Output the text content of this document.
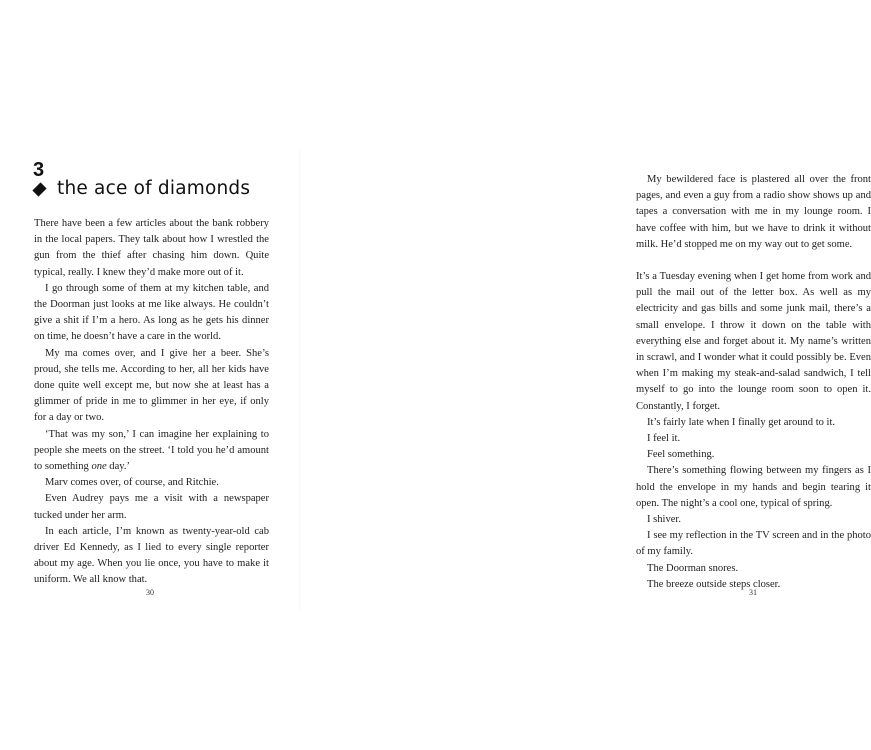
3
the ace of diamonds

There have been a few articles about the bank robbery in the local papers. They talk about how I wrestled the gun from the thief after chasing him down. Quite typical, really. I knew they’d make more out of it.

I go through some of them at my kitchen table, and the Doorman just looks at me like always. He couldn’t give a shit if I’m a hero. As long as he gets his dinner on time, he doesn’t have a care in the world.

My ma comes over, and I give her a beer. She’s proud, she tells me. According to her, all her kids have done quite well except me, but now she at least has a glimmer of pride in me to glimmer in her eye, if only for a day or two.

‘That was my son,’ I can imagine her explaining to people she meets on the street. ‘I told you he’d amount to something one day.’

Marv comes over, of course, and Ritchie.

Even Audrey pays me a visit with a newspaper tucked under her arm.

In each article, I’m known as twenty-year-old cab driver Ed Kennedy, as I lied to every single reporter about my age. When you lie once, you have to make it uniform. We all know that.

30

My bewildered face is plastered all over the front pages, and even a guy from a radio show shows up and tapes a conversation with me in my lounge room. I have coffee with him, but we have to drink it without milk. He’d stopped me on my way out to get some.

It’s a Tuesday evening when I get home from work and pull the mail out of the letter box. As well as my electricity and gas bills and some junk mail, there’s a small envelope. I throw it down on the table with everything else and forget about it. My name’s written in scrawl, and I wonder what it could possibly be. Even when I’m making my steak-and-salad sandwich, I tell myself to go into the lounge room soon to open it. Constantly, I forget.

It’s fairly late when I finally get around to it.

I feel it.

Feel something.

There’s something flowing between my fingers as I hold the envelope in my hands and begin tearing it open. The night’s a cool one, typical of spring.

I shiver.

I see my reflection in the TV screen and in the photo of my family.

The Doorman snores.

The breeze outside steps closer.

31
